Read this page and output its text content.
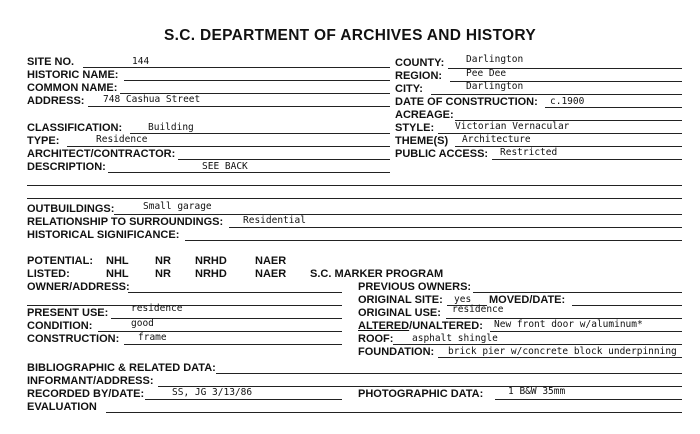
S.C. DEPARTMENT OF ARCHIVES AND HISTORY
SITE NO.	144
HISTORIC NAME:
COMMON NAME:
ADDRESS: 748 Cashua Street
COUNTY: Darlington
REGION:	Pee Dee
CITY:	Darlington
DATE OF CONSTRUCTION: c.1900
ACREAGE:
CLASSIFICATION:	Building
TYPE:	Residence
ARCHITECT/CONTRACTOR:
DESCRIPTION:	SEE BACK
STYLE: Victorian Vernacular
THEME(S) Architecture
PUBLIC ACCESS: Restricted
OUTBUILDINGS:	Small garage
RELATIONSHIP TO SURROUNDINGS: Residential
HISTORICAL SIGNIFICANCE:
POTENTIAL: NHL NR NRHD	NAER
LISTED:	NHL NR NRHD	NAER S.C. MARKER PROGRAM
OWNER/ADDRESS:	PREVIOUS OWNERS:
ORIGINAL SITE: yes MOVED/DATE:
PRESENT USE: residence	ORIGINAL USE: residence
CONDITION:	good	ALTERED/UNALTERED: New front door w/aluminum*
CONSTRUCTION: frame	ROOF: asphalt shingle
FOUNDATION: brick pier w/concrete block underpinning
BIBLIOGRAPHIC & RELATED DATA:
INFORMANT/ADDRESS:
RECORDED BY/DATE:	SS, JG 3/13/86	PHOTOGRAPHIC DATA:	1 B&W 35mm
EVALUATION
